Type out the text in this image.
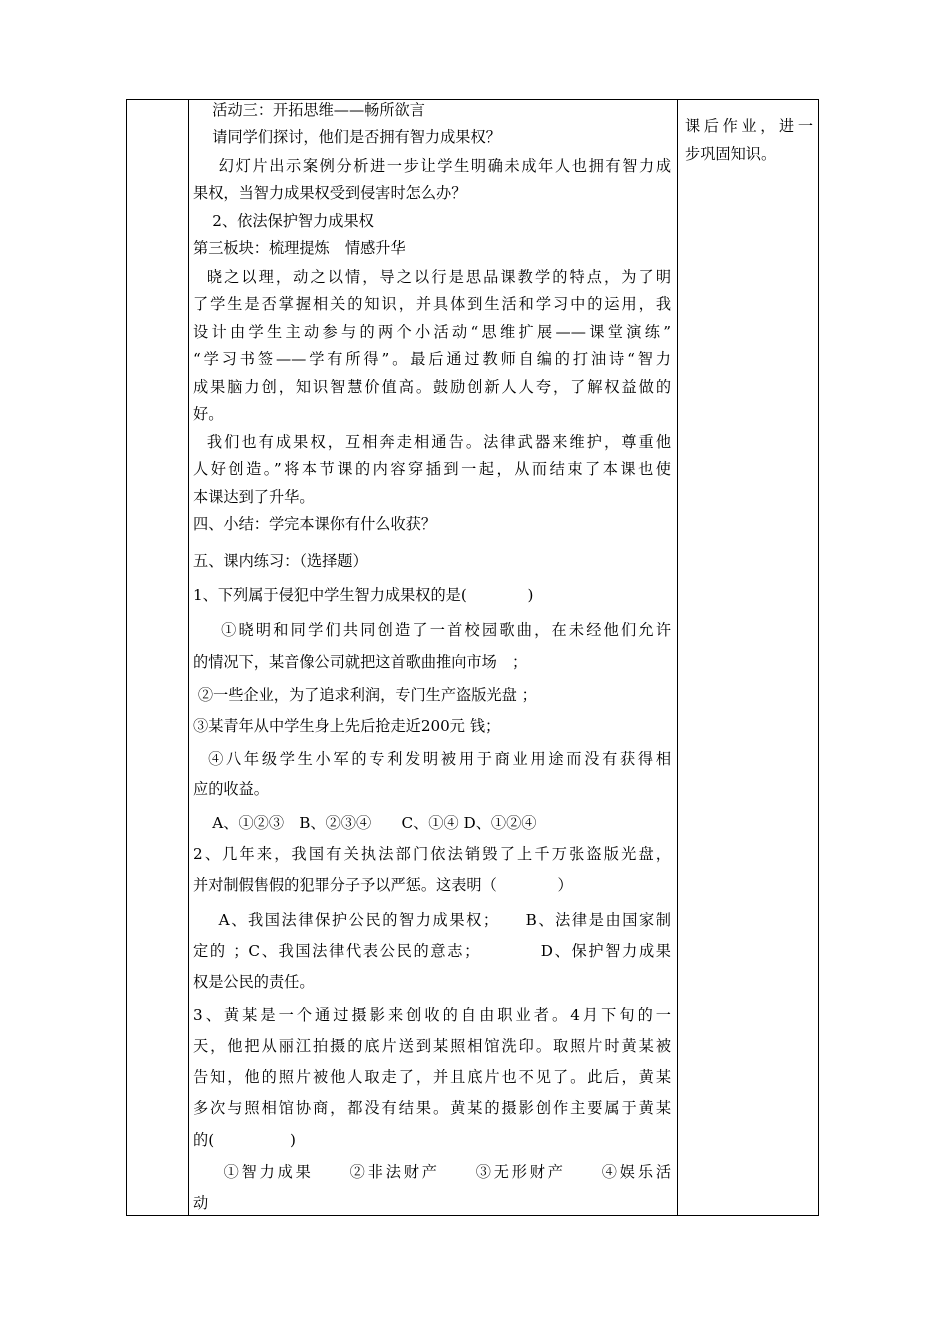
活动三：开拓思维——畅所欲言
请同学们探讨，他们是否拥有智力成果权？
幻灯片出示案例分析进一步让学生明确未成年人也拥有智力成
果权，当智力成果权受到侵害时怎么办？
2、依法保护智力成果权
第三板块：梳理提炼　情感升华
晓之以理，动之以情，导之以行是思品课教学的特点，为了明
了学生是否掌握相关的知识，并具体到生活和学习中的运用，我
设计由学生主动参与的两个小活动“思维扩展——课堂演练”
“学习书签——学有所得”。最后通过教师自编的打油诗“智力
成果脑力创，知识智慧价值高。鼓励创新人人夸，了解权益做的
好。
我们也有成果权，互相奔走相通告。法律武器来维护，尊重他
人好创造。”将本节课的内容穿插到一起，从而结束了本课也使
本课达到了升华。
四、小结：学完本课你有什么收获？
五、课内练习：（选择题）
1、下列属于侵犯中学生智力成果权的是(　　　　)
①晓明和同学们共同创造了一首校园歌曲，在未经他们允许
的情况下，某音像公司就把这首歌曲推向市场　；
②一些企业，为了追求利润，专门生产盗版光盘 ；
③某青年从中学生身上先后抢走近200元 钱；
④八年级学生小军的专利发明被用于商业用途而没有获得相
应的收益。
A、①②③　B、②③④　　C、①④ D、①②④
2、几年来，我国有关执法部门依法销毁了上千万张盗版光盘，
并对制假售假的犯罪分子予以严惩。这表明（　　　　）
A、我国法律保护公民的智力成果权；　　B、法律是由国家制
定的 ；C、我国法律代表公民的意志；　　　　D、保护智力成果
权是公民的责任。
3、黄某是一个通过摄影来创收的自由职业者。4月下旬的一
天，他把从丽江拍摄的底片送到某照相馆洗印。取照片时黄某被
告知，他的照片被他人取走了，并且底片也不见了。此后，黄某
多次与照相馆协商，都没有结果。黄某的摄影创作主要属于黄某
的(　　　　　)
①智力成果　　②非法财产　　③无形财产　　④娱乐活
动
课后作业，进一
步巩固知识。
